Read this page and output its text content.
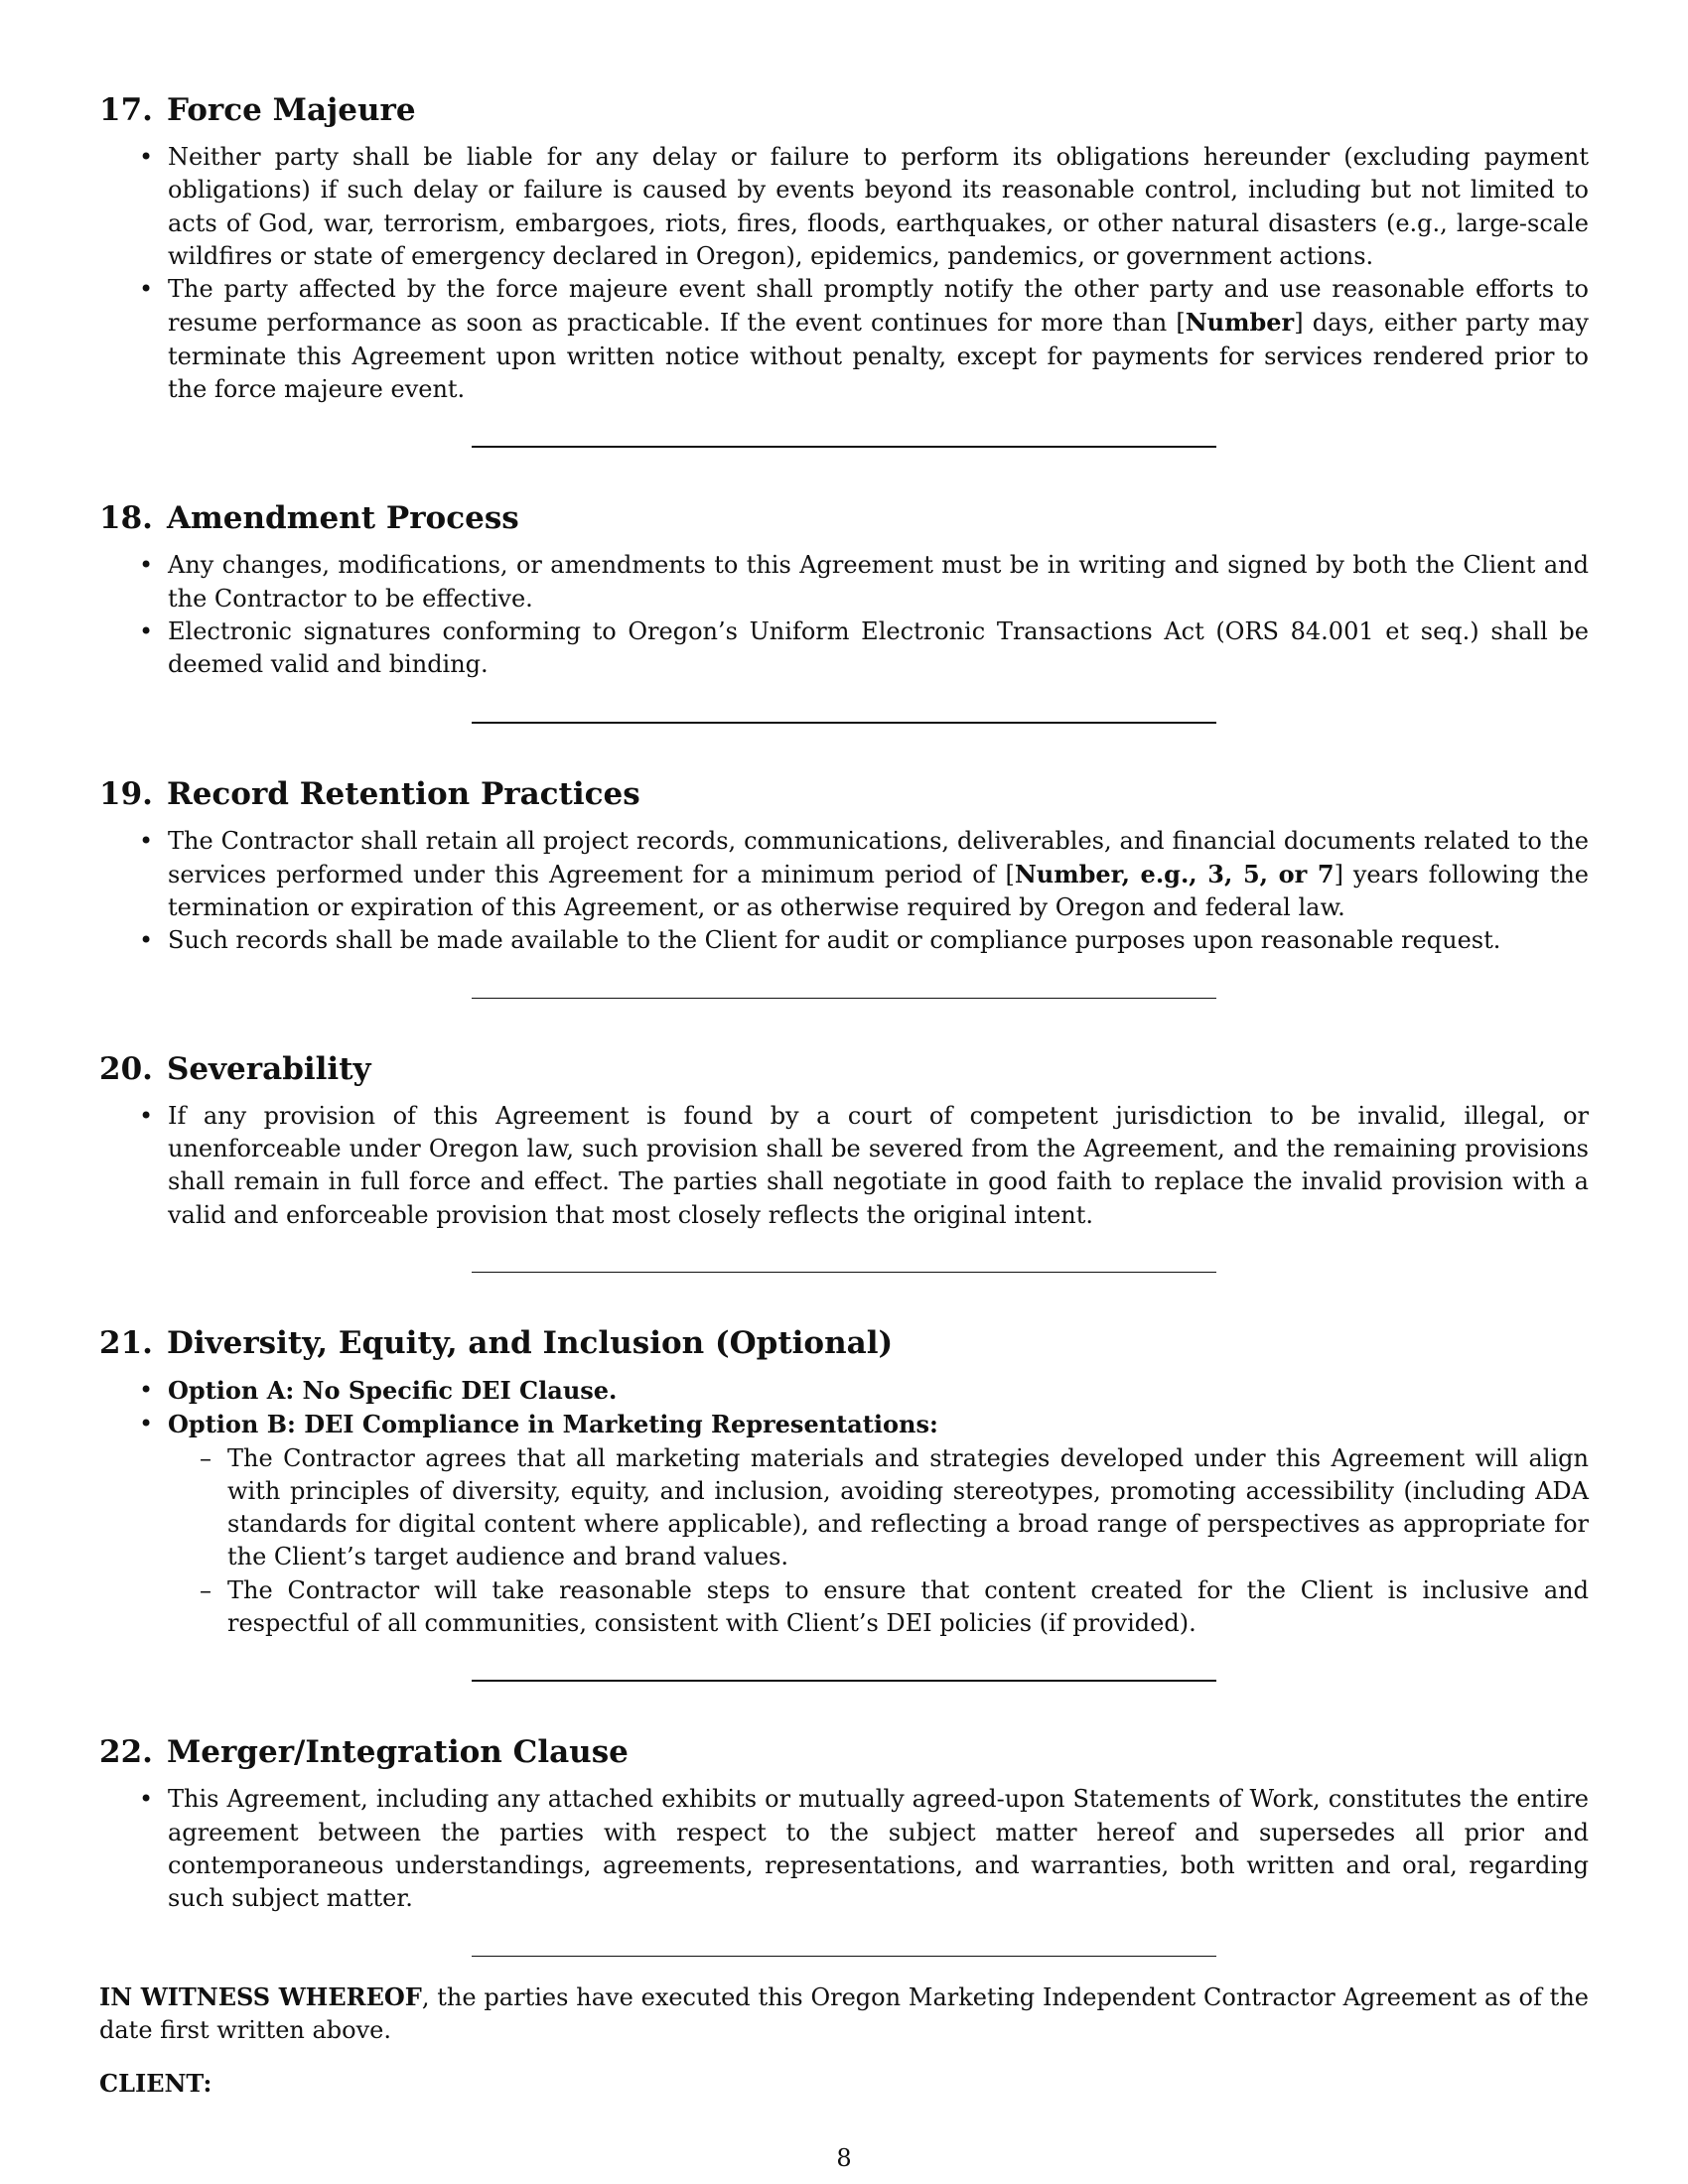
17. Force Majeure
• Neither party shall be liable for any delay or failure to perform its obligations hereunder (excluding payment obligations) if such delay or failure is caused by events beyond its reasonable control, including but not limited to acts of God, war, terrorism, embargoes, riots, fires, floods, earthquakes, or other natural disasters (e.g., large-scale wildfires or state of emergency declared in Oregon), epidemics, pandemics, or government actions.
• The party affected by the force majeure event shall promptly notify the other party and use reasonable efforts to resume performance as soon as practicable. If the event continues for more than [Number] days, either party may terminate this Agreement upon written notice without penalty, except for payments for services rendered prior to the force majeure event.
18. Amendment Process
• Any changes, modifications, or amendments to this Agreement must be in writing and signed by both the Client and the Contractor to be effective.
• Electronic signatures conforming to Oregon’s Uniform Electronic Transactions Act (ORS 84.001 et seq.) shall be deemed valid and binding.
19. Record Retention Practices
• The Contractor shall retain all project records, communications, deliverables, and financial documents related to the services performed under this Agreement for a minimum period of [Number, e.g., 3, 5, or 7] years following the termination or expiration of this Agreement, or as otherwise required by Oregon and federal law.
• Such records shall be made available to the Client for audit or compliance purposes upon reasonable request.
20. Severability
• If any provision of this Agreement is found by a court of competent jurisdiction to be invalid, illegal, or unenforceable under Oregon law, such provision shall be severed from the Agreement, and the remaining provisions shall remain in full force and effect. The parties shall negotiate in good faith to replace the invalid provision with a valid and enforceable provision that most closely reflects the original intent.
21. Diversity, Equity, and Inclusion (Optional)
• Option A: No Specific DEI Clause.
• Option B: DEI Compliance in Marketing Representations:
– The Contractor agrees that all marketing materials and strategies developed under this Agreement will align with principles of diversity, equity, and inclusion, avoiding stereotypes, promoting accessibility (including ADA standards for digital content where applicable), and reflecting a broad range of perspectives as appropriate for the Client’s target audience and brand values.
– The Contractor will take reasonable steps to ensure that content created for the Client is inclusive and respectful of all communities, consistent with Client’s DEI policies (if provided).
22. Merger/Integration Clause
• This Agreement, including any attached exhibits or mutually agreed-upon Statements of Work, constitutes the entire agreement between the parties with respect to the subject matter hereof and supersedes all prior and contemporaneous understandings, agreements, representations, and warranties, both written and oral, regarding such subject matter.

IN WITNESS WHEREOF, the parties have executed this Oregon Marketing Independent Contractor Agreement as of the date first written above.

CLIENT:
8
